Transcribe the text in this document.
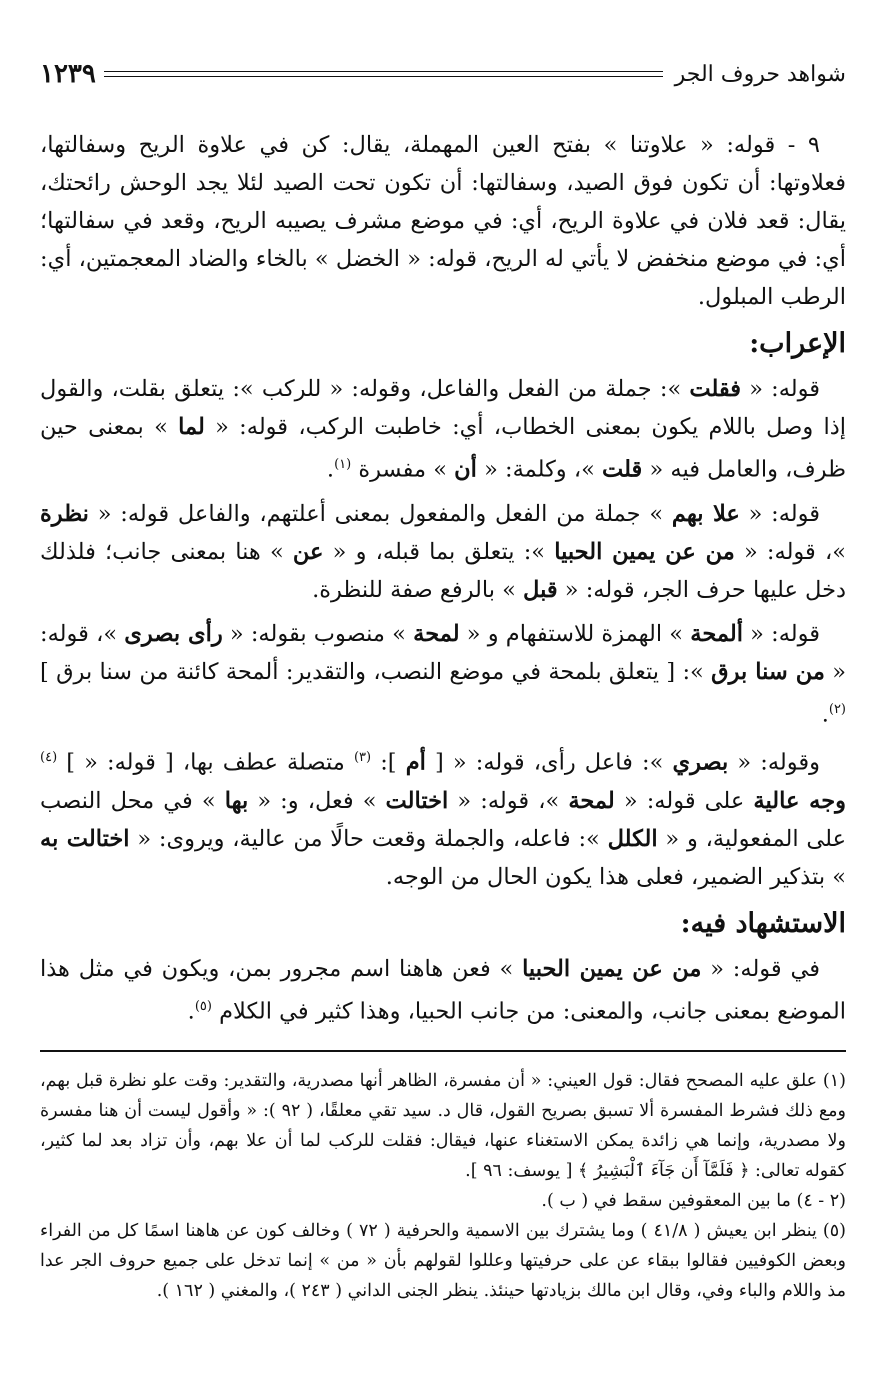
شواهد حروف الجر
١٢٣٩

٩ - قوله: « علاوتنا » بفتح العين المهملة، يقال: كن في علاوة الريح وسفالتها، فعلاوتها: أن تكون فوق الصيد، وسفالتها: أن تكون تحت الصيد لئلا يجد الوحش رائحتك، يقال: قعد فلان في علاوة الريح، أي: في موضع مشرف يصيبه الريح، وقعد في سفالتها؛ أي: في موضع منخفض لا يأتي له الريح، قوله: « الخضل » بالخاء والضاد المعجمتين، أي: الرطب المبلول.

الإعراب:

قوله: « فقلت »: جملة من الفعل والفاعل، وقوله: « للركب »: يتعلق بقلت، والقول إذا وصل باللام يكون بمعنى الخطاب، أي: خاطبت الركب، قوله: « لما » بمعنى حين ظرف، والعامل فيه « قلت »، وكلمة: « أن » مفسرة $^{(١)}$.

قوله: « علا بهم » جملة من الفعل والمفعول بمعنى أعلتهم، والفاعل قوله: « نظرة »، قوله: « من عن يمين الحبيا »: يتعلق بما قبله، و « عن » هنا بمعنى جانب؛ فلذلك دخل عليها حرف الجر، قوله: « قبل » بالرفع صفة للنظرة.

قوله: « ألمحة » الهمزة للاستفهام و « لمحة » منصوب بقوله: « رأى بصرى »، قوله: « من سنا برق »: [ يتعلق بلمحة في موضع النصب، والتقدير: ألمحة كائنة من سنا برق ] $^{(٢)}$.

وقوله: « بصري »: فاعل رأى، قوله: « [ أم ]: $^{(٣)}$ متصلة عطف بها، [ قوله: « ] $^{(٤)}$ وجه عالية على قوله: « لمحة »، قوله: « اختالت » فعل، و: « بها » في محل النصب على المفعولية، و « الكلل »: فاعله، والجملة وقعت حالًا من عالية، ويروى: « اختالت به » بتذكير الضمير، فعلى هذا يكون الحال من الوجه.

الاستشهاد فيه:

في قوله: « من عن يمين الحبيا » فعن هاهنا اسم مجرور بمن، ويكون في مثل هذا الموضع بمعنى جانب، والمعنى: من جانب الحبيا، وهذا كثير في الكلام $^{(٥)}$.

(١) علق عليه المصحح فقال: قول العيني: « أن مفسرة، الظاهر أنها مصدرية، والتقدير: وقت علو نظرة قبل بهم، ومع ذلك فشرط المفسرة ألا تسبق بصريح القول، قال د. سيد تقي معلقًا، ( ٩٢ ): « وأقول ليست أن هنا مفسرة ولا مصدرية، وإنما هي زائدة يمكن الاستغناء عنها، فيقال: فقلت للركب لما أن علا بهم، وأن تزاد بعد لما كثير، كقوله تعالى: ﴿ فَلَمَّآ أَن جَآءَ ٱلْبَشِيرُ ﴾ [ يوسف: ٩٦ ].

(٢ - ٤) ما بين المعقوفين سقط في ( ب ).

(٥) ينظر ابن يعيش ( ٤١/٨ ) وما يشترك بين الاسمية والحرفية ( ٧٢ ) وخالف كون عن هاهنا اسمًا كل من الفراء وبعض الكوفيين فقالوا ببقاء عن على حرفيتها وعللوا لقولهم بأن « من » إنما تدخل على جميع حروف الجر عدا مذ واللام والباء وفي، وقال ابن مالك بزيادتها حينئذ. ينظر الجنى الداني ( ٢٤٣ )، والمغني ( ١٦٢ ).
